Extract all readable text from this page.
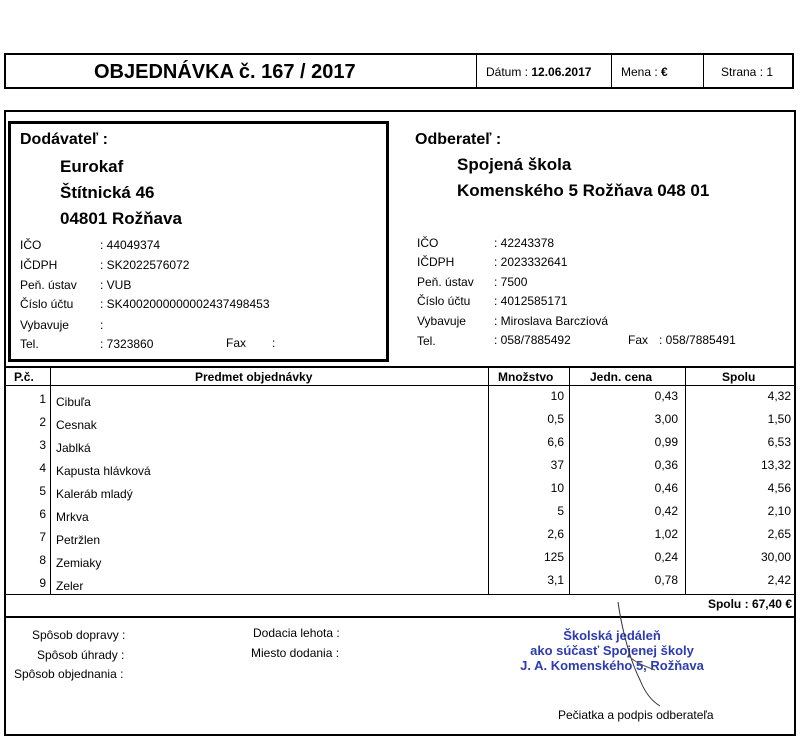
OBJEDNÁVKA č. 167 / 2017	Dátum : 12.06.2017 Mena : €	Strana : 1
Dodávateľ :
Eurokaf
Štítnická 46
04801 Rožňava
IČO	: 44049374
IČDPH	: SK2022576072
Peň. ústav : VUB
Číslo účtu : SK4002000000002437498453
Vybavuje	:
Tel.	: 7323860	Fax :
Odberateľ :
Spojená škola
Komenského 5 Rožňava 048 01
IČO	: 42243378
IČDPH	: 2023332641
Peň. ústav : 7500
Číslo účtu : 4012585171
Vybavuje : Miroslava Barcziová
Tel.	: 058/7885492	Fax : 058/7885491
P.č.	Predmet objednávky	Množstvo	Jedn. cena	Spolu
1 Cibuľa	10	0,43	4,32
2 Cesnak	0,5	3,00	1,50
3 Jablká	6,6	0,99	6,53
4 Kapusta hlávková	37	0,36	13,32
5 Kaleráb mladý	10	0,46	4,56
6 Mrkva	5	0,42	2,10
7 Petržlen	2,6	1,02	2,65
8 Zemiaky	125	0,24	30,00
9 Zeler	3,1	0,78	2,42
Spolu : 67,40 €
Spôsob dopravy :
Spôsob úhrady :
Spôsob objednania :
Dodacia lehota :
Miesto dodania :
Školská jedáleň
ako súčasť Spojenej školy
J. A. Komenského 5, Rožňava
Pečiatka a podpis odberateľa
